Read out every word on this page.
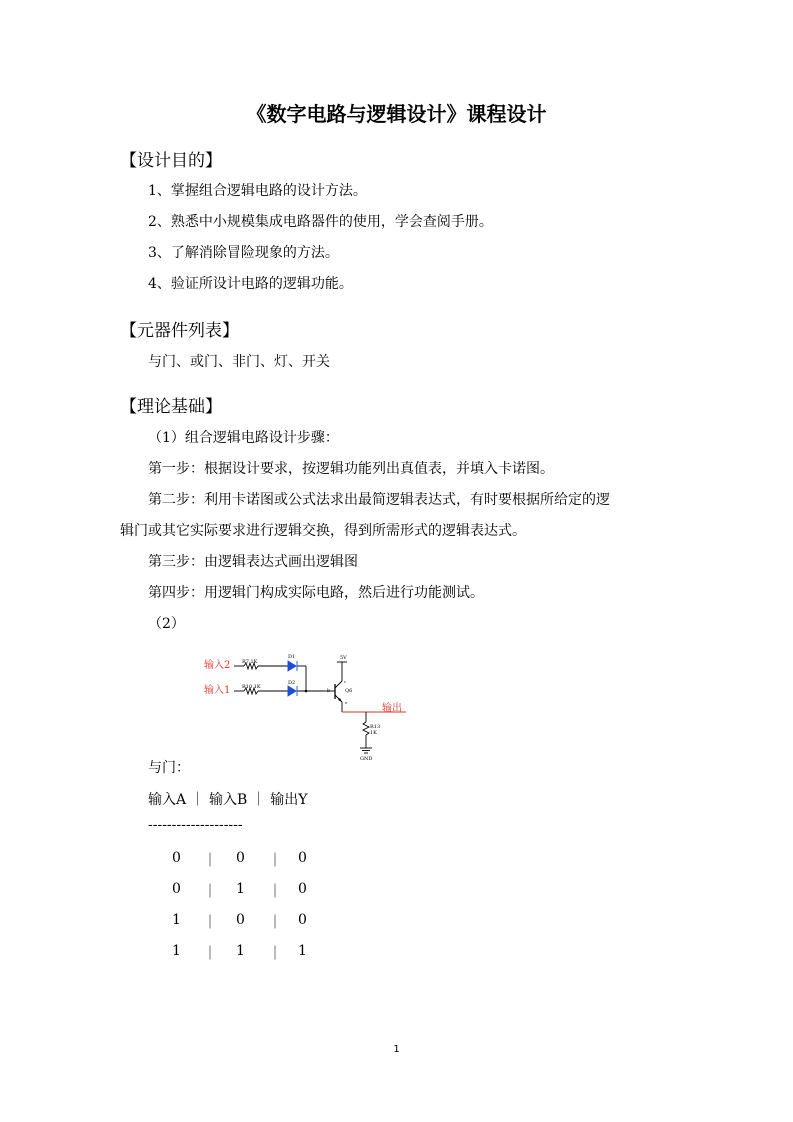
《数字电路与逻辑设计》课程设计
【设计目的】
1、掌握组合逻辑电路的设计方法。
2、熟悉中小规模集成电路器件的使用，学会查阅手册。
3、了解消除冒险现象的方法。
4、验证所设计电路的逻辑功能。
【元器件列表】
与门、或门、非门、灯、开关
【理论基础】
（1）组合逻辑电路设计步骤：
第一步：根据设计要求，按逻辑功能列出真值表，并填入卡诺图。
第二步：利用卡诺图或公式法求出最简逻辑表达式，有时要根据所给定的逻
辑门或其它实际要求进行逻辑交换，得到所需形式的逻辑表达式。
第三步：由逻辑表达式画出逻辑图
第四步：用逻辑门构成实际电路，然后进行功能测试。
（2）
输入2
输入1
R7 1K
R10 1K
D1
D2
5V
b
c
Q6
e
输出
R13
1K
GND
与门：
输入A ｜ 输入B ｜ 输出Y
--------------------
0 ｜ 0 ｜ 0
0 ｜ 1 ｜ 0
1 ｜ 0 ｜ 0
1 ｜ 1 ｜ 1
1
